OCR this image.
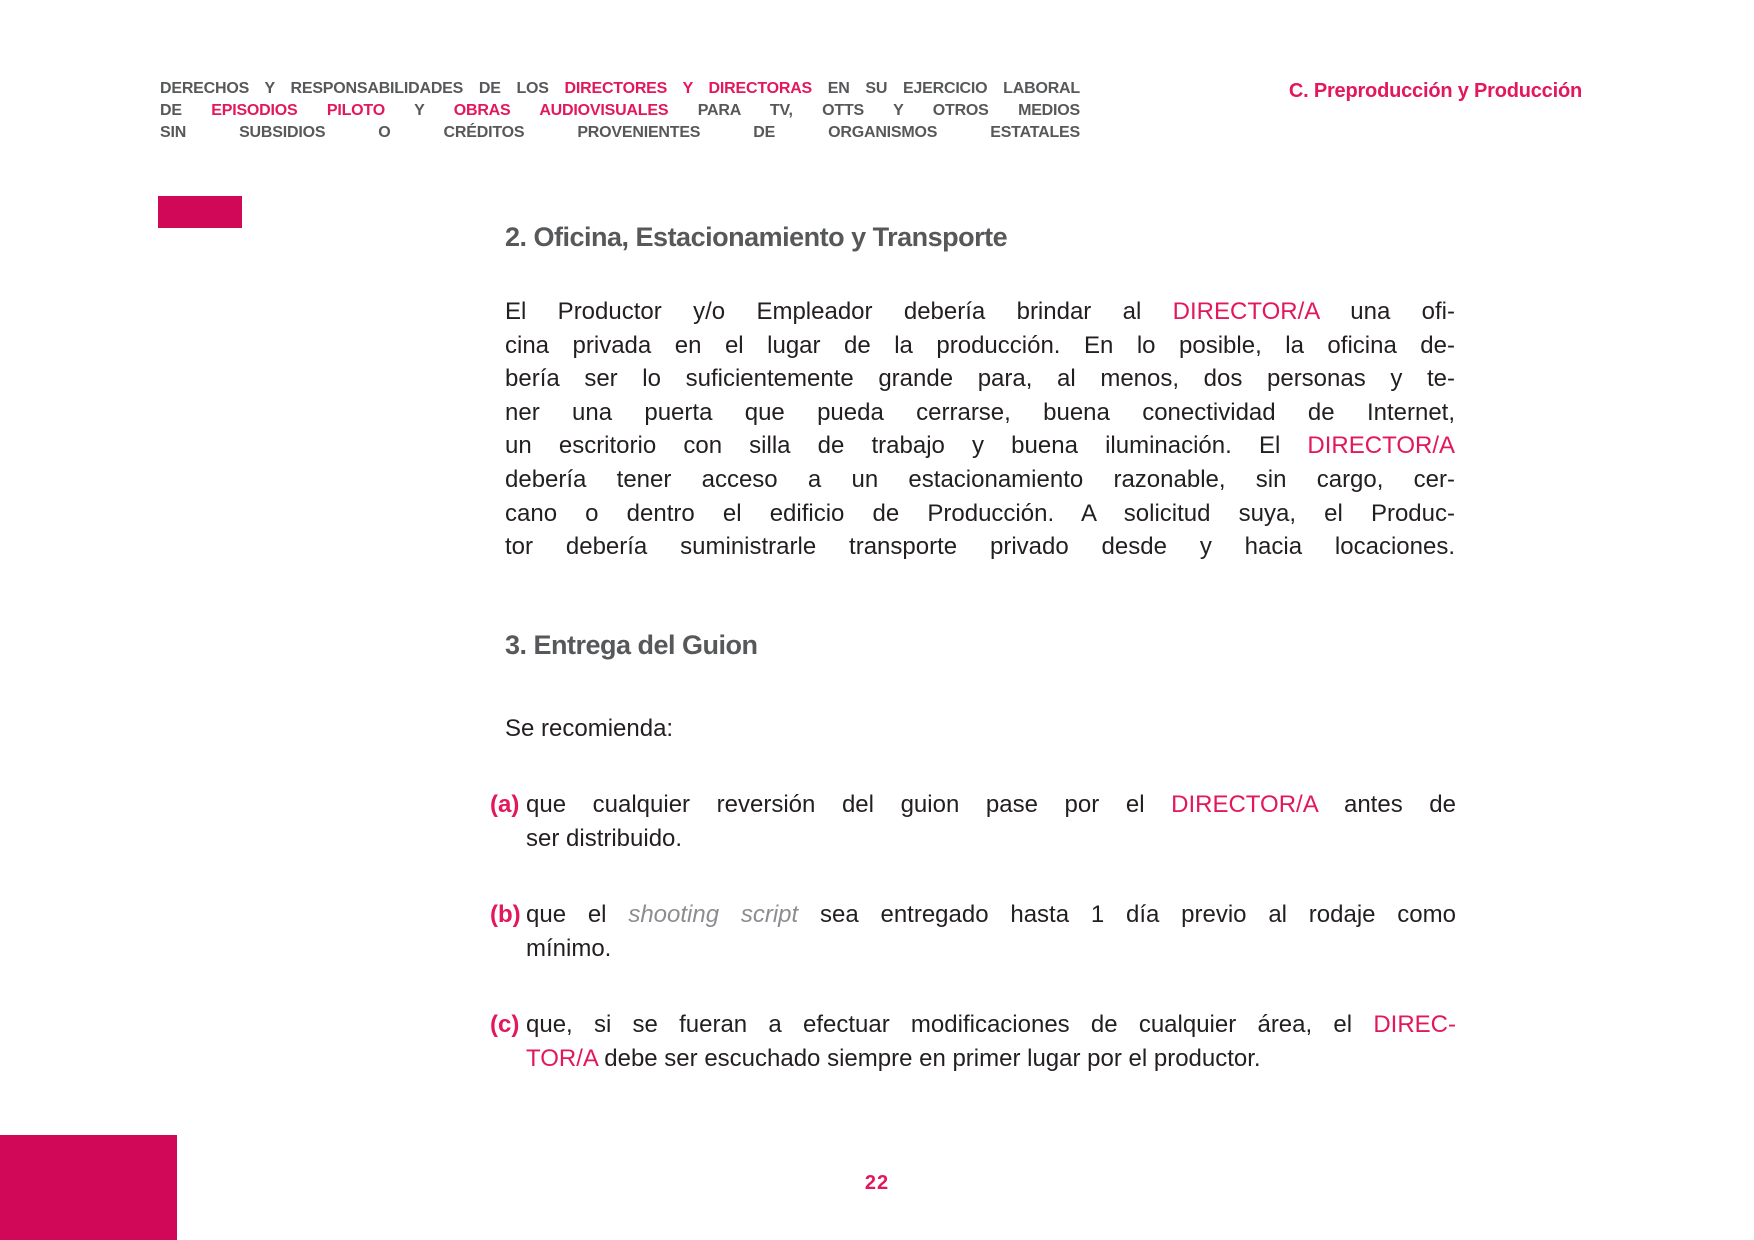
DERECHOS Y RESPONSABILIDADES DE LOS DIRECTORES Y DIRECTORAS EN SU EJERCICIO LABORAL
DE EPISODIOS PILOTO Y OBRAS AUDIOVISUALES PARA TV, OTTS Y OTROS MEDIOS
SIN SUBSIDIOS O CRÉDITOS PROVENIENTES DE ORGANISMOS ESTATALES
C. Preproducción y Producción
2. Oficina, Estacionamiento y Transporte
El Productor y/o Empleador debería brindar al DIRECTOR/A una ofi-
cina privada en el lugar de la producción. En lo posible, la oficina de-
bería ser lo suficientemente grande para, al menos, dos personas y te-
ner una puerta que pueda cerrarse, buena conectividad de Internet,
un escritorio con silla de trabajo y buena iluminación. El DIRECTOR/A
debería tener acceso a un estacionamiento razonable, sin cargo, cer-
cano o dentro el edificio de Producción. A solicitud suya, el Produc-
tor debería suministrarle transporte privado desde y hacia locaciones.
3. Entrega del Guion
Se recomienda:
(a) que cualquier reversión del guion pase por el DIRECTOR/A antes de
ser distribuido.
(b) que el shooting script sea entregado hasta 1 día previo al rodaje como
mínimo.
(c) que, si se fueran a efectuar modificaciones de cualquier área, el DIREC-
TOR/A debe ser escuchado siempre en primer lugar por el productor.
22
